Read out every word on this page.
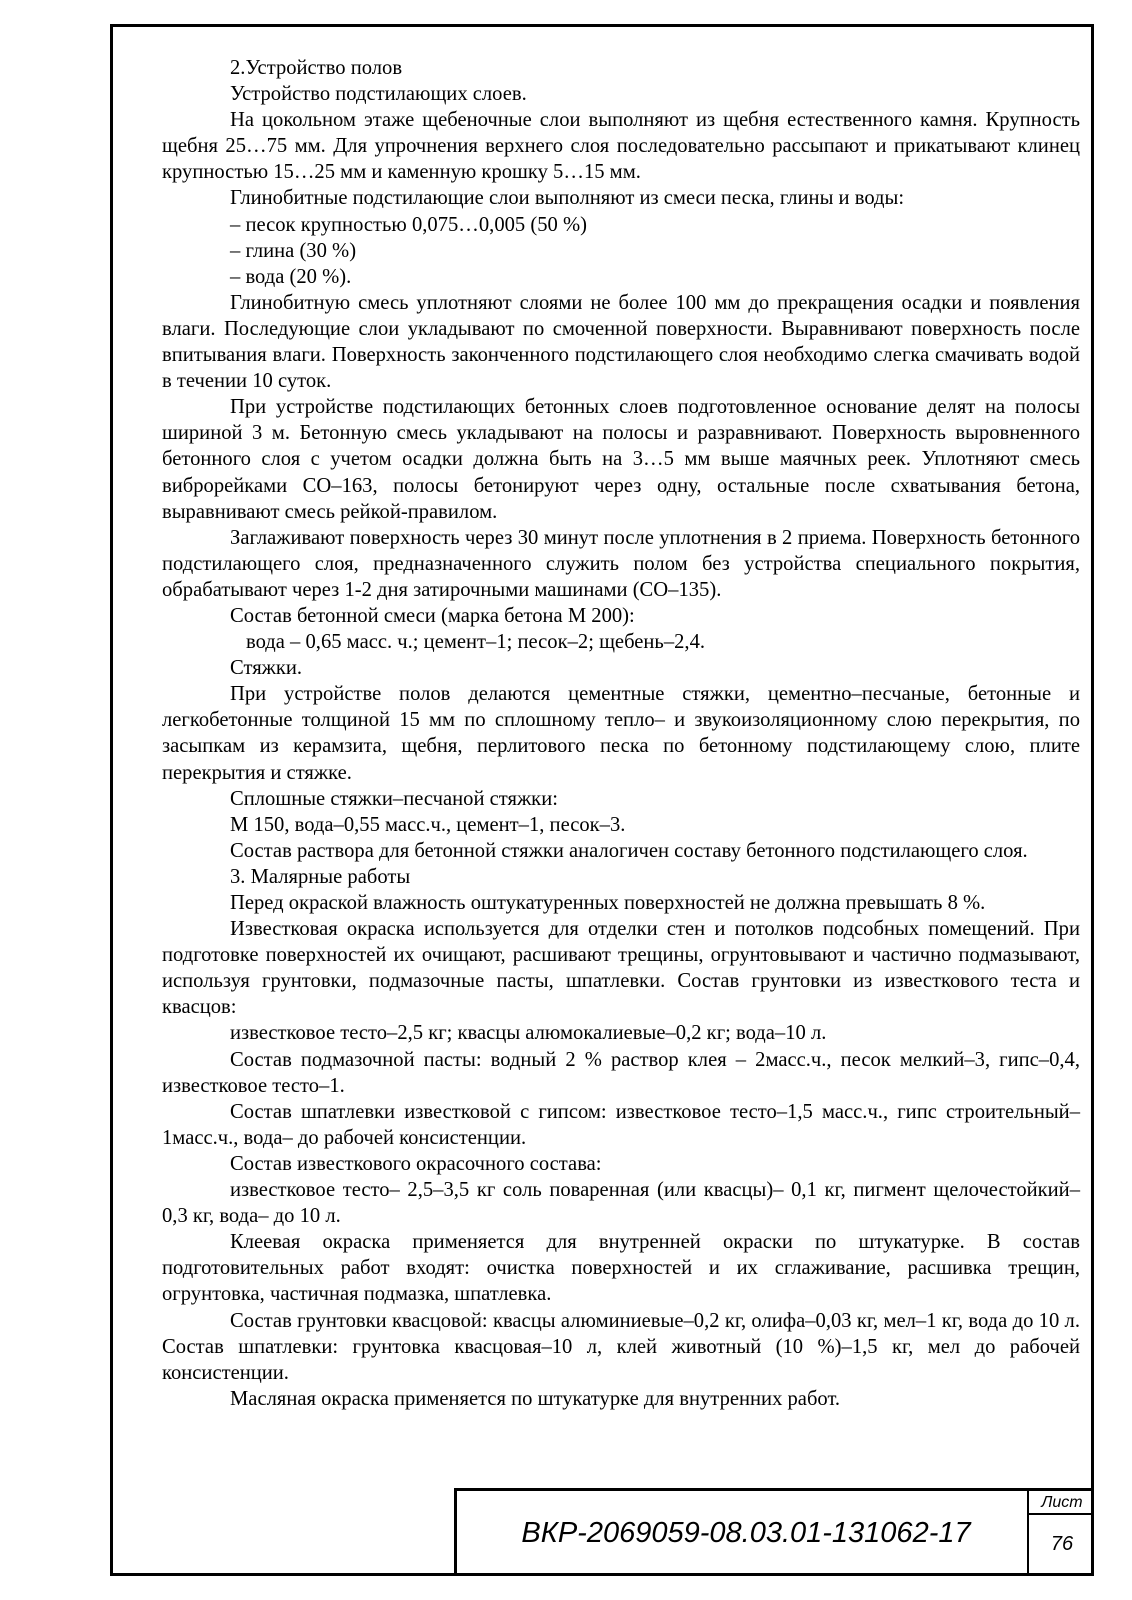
2.Устройство полов

Устройство подстилающих слоев.

На цокольном этаже щебеночные слои выполняют из щебня естественного камня. Крупность щебня 25…75 мм. Для упрочнения верхнего слоя последовательно рассыпают и прикатывают клинец крупностью 15…25 мм и каменную крошку 5…15 мм.

Глинобитные подстилающие слои выполняют из смеси песка, глины и воды:

– песок крупностью 0,075…0,005 (50 %)

– глина (30 %)

– вода (20 %).

Глинобитную смесь уплотняют слоями не более 100 мм до прекращения осадки и появления влаги. Последующие слои укладывают по смоченной поверхности. Выравнивают поверхность после впитывания влаги. Поверхность законченного подстилающего слоя необходимо слегка смачивать водой в течении 10 суток.

При устройстве подстилающих бетонных слоев подготовленное основание делят на полосы шириной 3 м. Бетонную смесь укладывают на полосы и разравнивают. Поверхность выровненного бетонного слоя с учетом осадки должна быть на 3…5 мм выше маячных реек. Уплотняют смесь виброрейками СО–163, полосы бетонируют через одну, остальные после схватывания бетона, выравнивают смесь рейкой-правилом.

Заглаживают поверхность через 30 минут после уплотнения в 2 приема. Поверхность бетонного подстилающего слоя, предназначенного служить полом без устройства специального покрытия, обрабатывают через 1-2 дня затирочными машинами (СО–135).

Состав бетонной смеси (марка бетона М 200):

вода – 0,65 масс. ч.; цемент–1; песок–2; щебень–2,4.

Стяжки.

При устройстве полов делаются цементные стяжки, цементно–песчаные, бетонные и легкобетонные толщиной 15 мм по сплошному тепло– и звукоизоляционному слою перекрытия, по засыпкам из керамзита, щебня, перлитового песка по бетонному подстилающему слою, плите перекрытия и стяжке.

Сплошные стяжки–песчаной стяжки:

М 150, вода–0,55 масс.ч., цемент–1, песок–3.

Состав раствора для бетонной стяжки аналогичен составу бетонного подстилающего слоя.

3. Малярные работы

Перед окраской влажность оштукатуренных поверхностей не должна превышать 8 %.

Известковая окраска используется для отделки стен и потолков подсобных помещений. При подготовке поверхностей их очищают, расшивают трещины, огрунтовывают и частично подмазывают, используя грунтовки, подмазочные пасты, шпатлевки. Состав грунтовки из известкового теста и квасцов:

известковое тесто–2,5 кг; квасцы алюмокалиевые–0,2 кг; вода–10 л.

Состав подмазочной пасты: водный 2 % раствор клея – 2масс.ч., песок мелкий–3, гипс–0,4, известковое тесто–1.

Состав шпатлевки известковой с гипсом: известковое тесто–1,5 масс.ч., гипс строительный–1масс.ч., вода– до рабочей консистенции.

Состав известкового окрасочного состава:

известковое тесто– 2,5–3,5 кг соль поваренная (или квасцы)– 0,1 кг, пигмент щелочестойкий– 0,3 кг, вода– до 10 л.

Клеевая окраска применяется для внутренней окраски по штукатурке. В состав подготовительных работ входят: очистка поверхностей и их сглаживание, расшивка трещин, огрунтовка, частичная подмазка, шпатлевка.

Состав грунтовки квасцовой: квасцы алюминиевые–0,2 кг, олифа–0,03 кг, мел–1 кг, вода до 10 л. Состав шпатлевки: грунтовка квасцовая–10 л, клей животный (10 %)–1,5 кг, мел до рабочей консистенции.

Масляная окраска применяется по штукатурке для внутренних работ.

ВКР-2069059-08.03.01-131062-17
Лист
76
